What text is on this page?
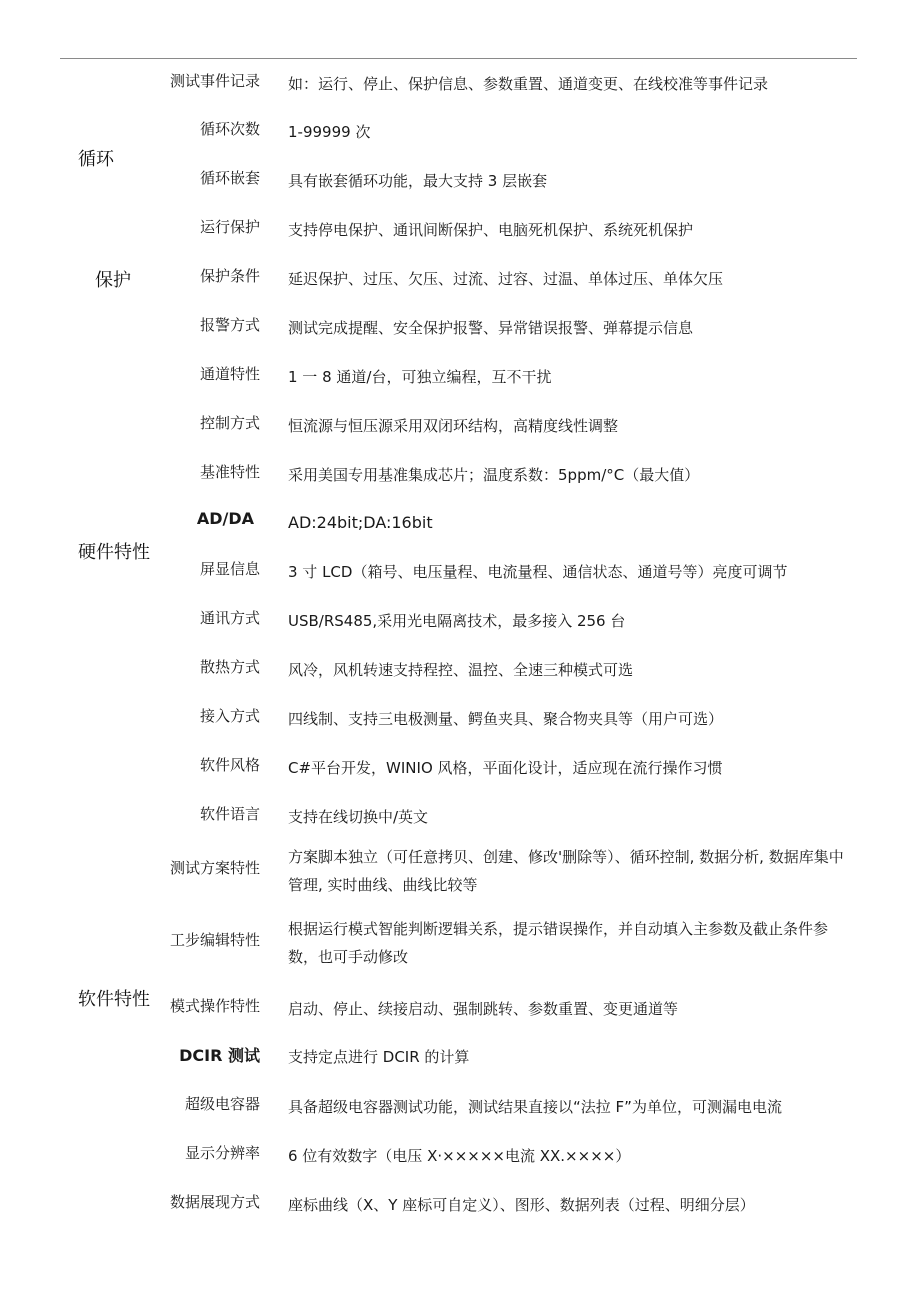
循环
保护
硬件特性
软件特性
测试事件记录 如：运行、停止、保护信息、参数重置、通道变更、在线校准等事件记录
循环次数 1-99999 次
循环嵌套 具有嵌套循环功能，最大支持 3 层嵌套
运行保护 支持停电保护、通讯间断保护、电脑死机保护、系统死机保护
保护条件 延迟保护、过压、欠压、过流、过容、过温、单体过压、单体欠压
报警方式 测试完成提醒、安全保护报警、异常错误报警、弹幕提示信息
通道特性 1 一 8 通道/台，可独立编程，互不干扰
控制方式 恒流源与恒压源采用双闭环结构，高精度线性调整
基准特性 采用美国专用基准集成芯片；温度系数：5ppm/°C（最大值）
AD/DA AD:24bit;DA:16bit
屏显信息 3 寸 LCD（箱号、电压量程、电流量程、通信状态、通道号等）亮度可调节
通讯方式 USB/RS485,采用光电隔离技术，最多接入 256 台
散热方式 风冷，风机转速支持程控、温控、全速三种模式可选
接入方式 四线制、支持三电极测量、鳄鱼夹具、聚合物夹具等（用户可选）
软件风格 C#平台开发，WINIO 风格，平面化设计，适应现在流行操作习惯
软件语言 支持在线切换中/英文
测试方案特性
方案脚本独立（可任意拷贝、创建、修改'删除等）、循环控制, 数据分析, 数据库集中管理, 实时曲线、曲线比较等
工步编辑特性
根据运行模式智能判断逻辑关系，提示错误操作，并自动填入主参数及截止条件参数，也可手动修改
模式操作特性 启动、停止、续接启动、强制跳转、参数重置、变更通道等
DCIR 测试 支持定点进行 DCIR 的计算
超级电容器 具备超级电容器测试功能，测试结果直接以“法拉 F”为单位，可测漏电电流
显示分辨率 6 位有效数字（电压 X·×××××电流 XX.××××）
数据展现方式 座标曲线（X、Y 座标可自定义）、图形、数据列表（过程、明细分层）
